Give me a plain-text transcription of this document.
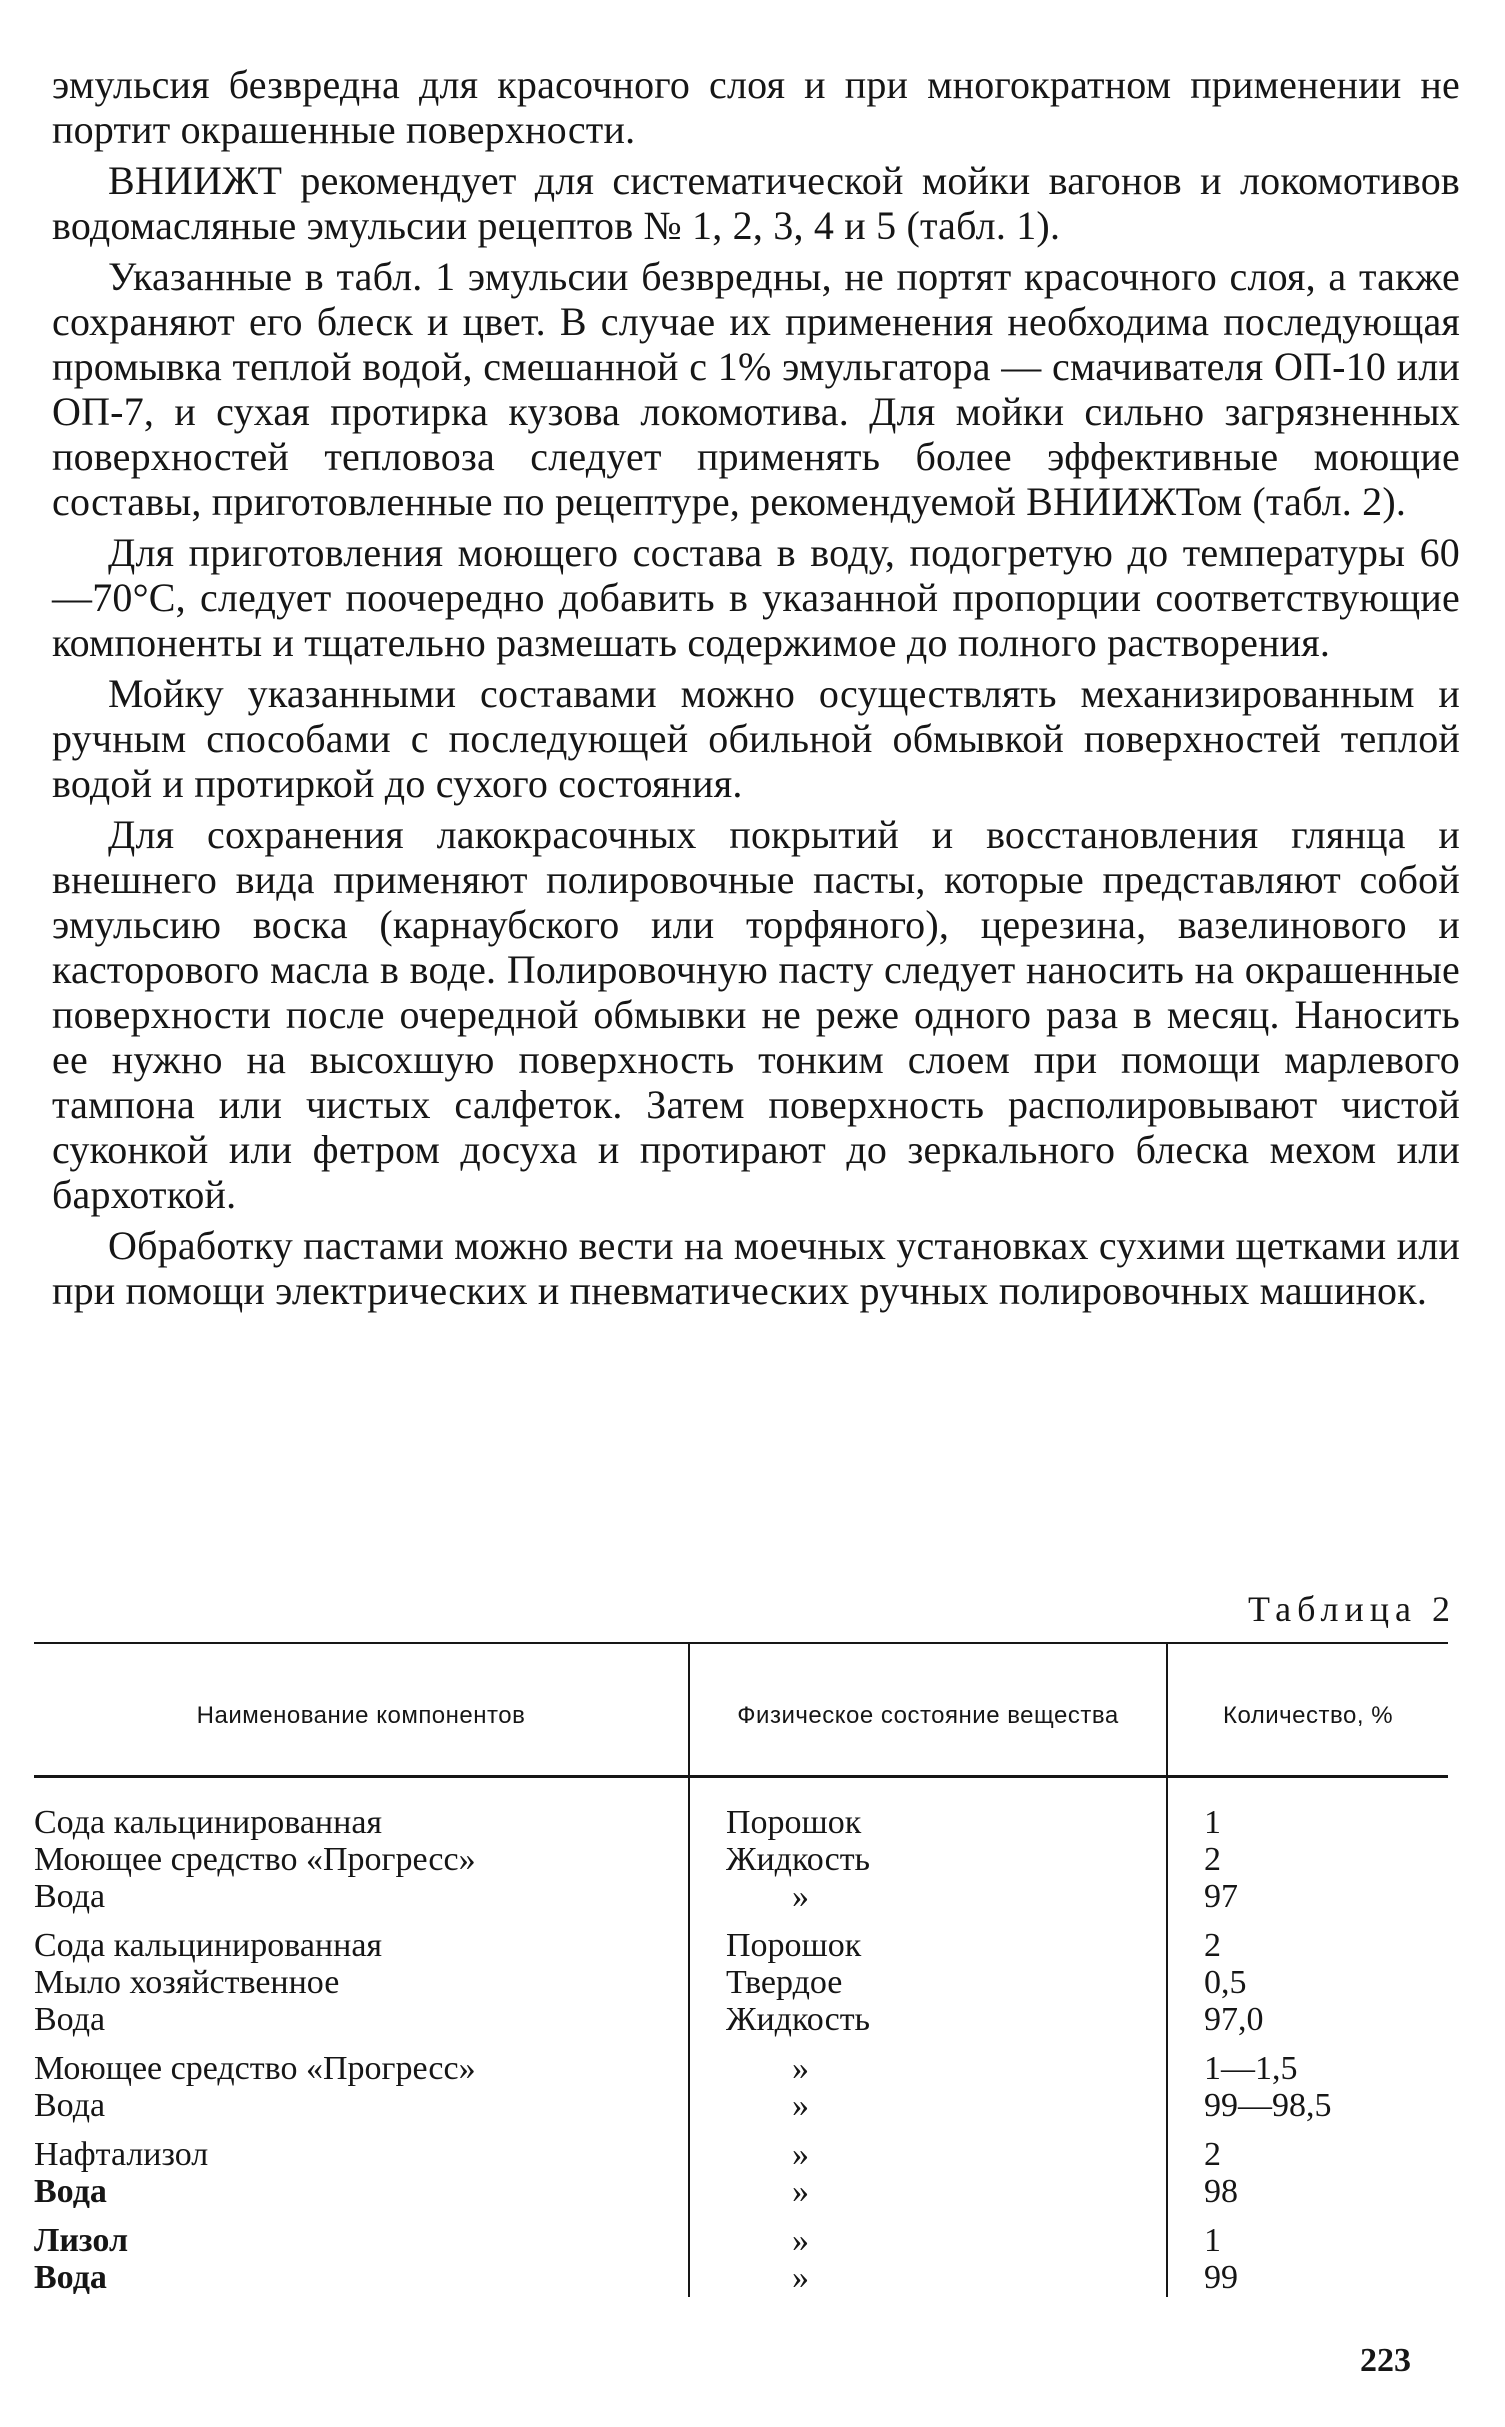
эмульсия безвредна для красочного слоя и при многократном применении не портит окрашенные поверхности.

ВНИИЖТ рекомендует для систематической мойки вагонов и локомотивов водомасляные эмульсии рецептов № 1, 2, 3, 4 и 5 (табл. 1).

Указанные в табл. 1 эмульсии безвредны, не портят красочного слоя, а также сохраняют его блеск и цвет. В случае их применения необходима последующая промывка теплой водой, смешанной с 1% эмульгатора — смачивателя ОП-10 или ОП-7, и сухая протирка кузова локомотива. Для мойки сильно загрязненных поверхностей тепловоза следует применять более эффективные моющие составы, приготовленные по рецептуре, рекомендуемой ВНИИЖТом (табл. 2).

Для приготовления моющего состава в воду, подогретую до температуры 60—70°С, следует поочередно добавить в указанной пропорции соответствующие компоненты и тщательно размешать содержимое до полного растворения.

Мойку указанными составами можно осуществлять механизированным и ручным способами с последующей обильной обмывкой поверхностей теплой водой и протиркой до сухого состояния.

Для сохранения лакокрасочных покрытий и восстановления глянца и внешнего вида применяют полировочные пасты, которые представляют собой эмульсию воска (карнаубского или торфяного), церезина, вазелинового и касторового масла в воде. Полировочную пасту следует наносить на окрашенные поверхности после очередной обмывки не реже одного раза в месяц. Наносить ее нужно на высохшую поверхность тонким слоем при помощи марлевого тампона или чистых салфеток. Затем поверхность располировывают чистой суконкой или фетром досуха и протирают до зеркального блеска мехом или бархоткой.

Обработку пастами можно вести на моечных установках сухими щетками или при помощи электрических и пневматических ручных полировочных машинок.

Таблица 2
Наименование компонентов	Физическое состояние вещества	Количество, %
Сода кальцинированная	Порошок	1
Моющее средство «Прогресс»	Жидкость	2
Вода	»	97
Сода кальцинированная	Порошок	2
Мыло хозяйственное	Твердое	0,5
Вода	Жидкость	97,0
Моющее средство «Прогресс»	»	1—1,5
Вода	»	99—98,5
Нафтализол	»	2
Вода	»	98
Лизол	»	1
Вода	»	99
223
